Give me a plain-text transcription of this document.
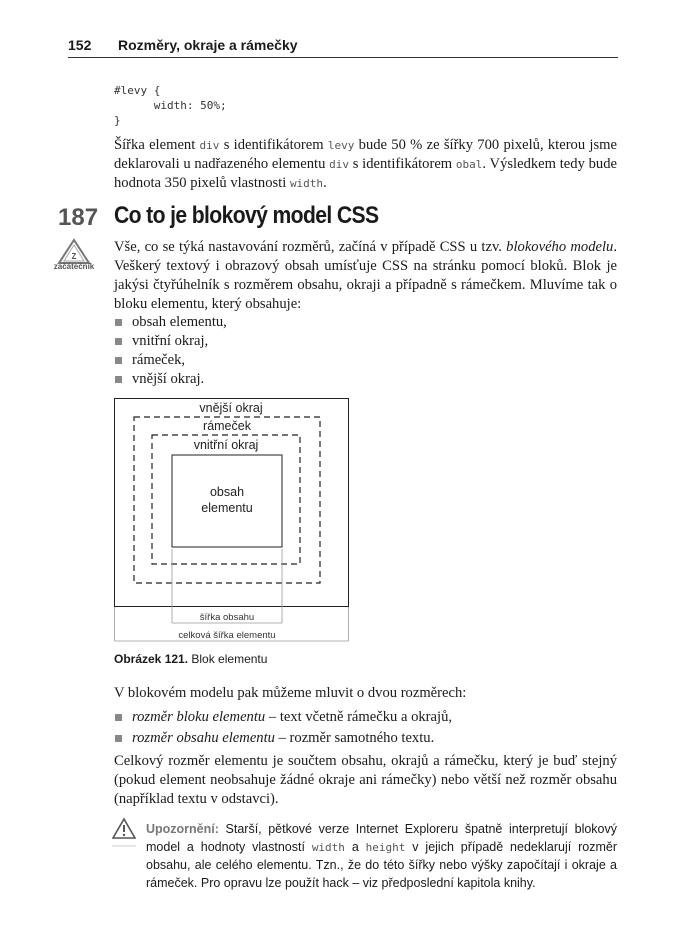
152 Rozměry, okraje a rámečky
#levy {
width: 50%;
}
Šířka element div s identifikátorem levy bude 50 % ze šířky 700 pixelů, kterou jsme deklarovali u nadřazeného elementu div s identifikátorem obal. Výsledkem tedy bude hodnota 350 pixelů vlastnosti width.
187 Co to je blokový model CSS
Z
začátečník
Vše, co se týká nastavování rozměrů, začíná v případě CSS u tzv. blokového modelu. Veškerý textový i obrazový obsah umísťuje CSS na stránku pomocí bloků. Blok je jakýsi čtyřúhelník s rozměrem obsahu, okraji a případně s rámečkem. Mluvíme tak o bloku elementu, který obsahuje:
obsah elementu,
vnitřní okraj,
rámeček,
vnější okraj.
vnější okraj
rámeček
vnitřní okraj
obsah
elementu
šířka obsahu
celková šířka elementu
Obrázek 121. Blok elementu
V blokovém modelu pak můžeme mluvit o dvou rozměrech:
rozměr bloku elementu – text včetně rámečku a okrajů,
rozměr obsahu elementu – rozměr samotného textu.
Celkový rozměr elementu je součtem obsahu, okrajů a rámečku, který je buď stejný (pokud element neobsahuje žádné okraje ani rámečky) nebo větší než rozměr obsahu (například textu v odstavci).
Upozornění: Starší, pětkové verze Internet Exploreru špatně interpretují blokový model a hodnoty vlastností width a height v jejich případě nedeklarují rozměr obsahu, ale celého elementu. Tzn., že do této šířky nebo výšky započítají i okraje a rámeček. Pro opravu lze použít hack – viz předposlední kapitola knihy.
